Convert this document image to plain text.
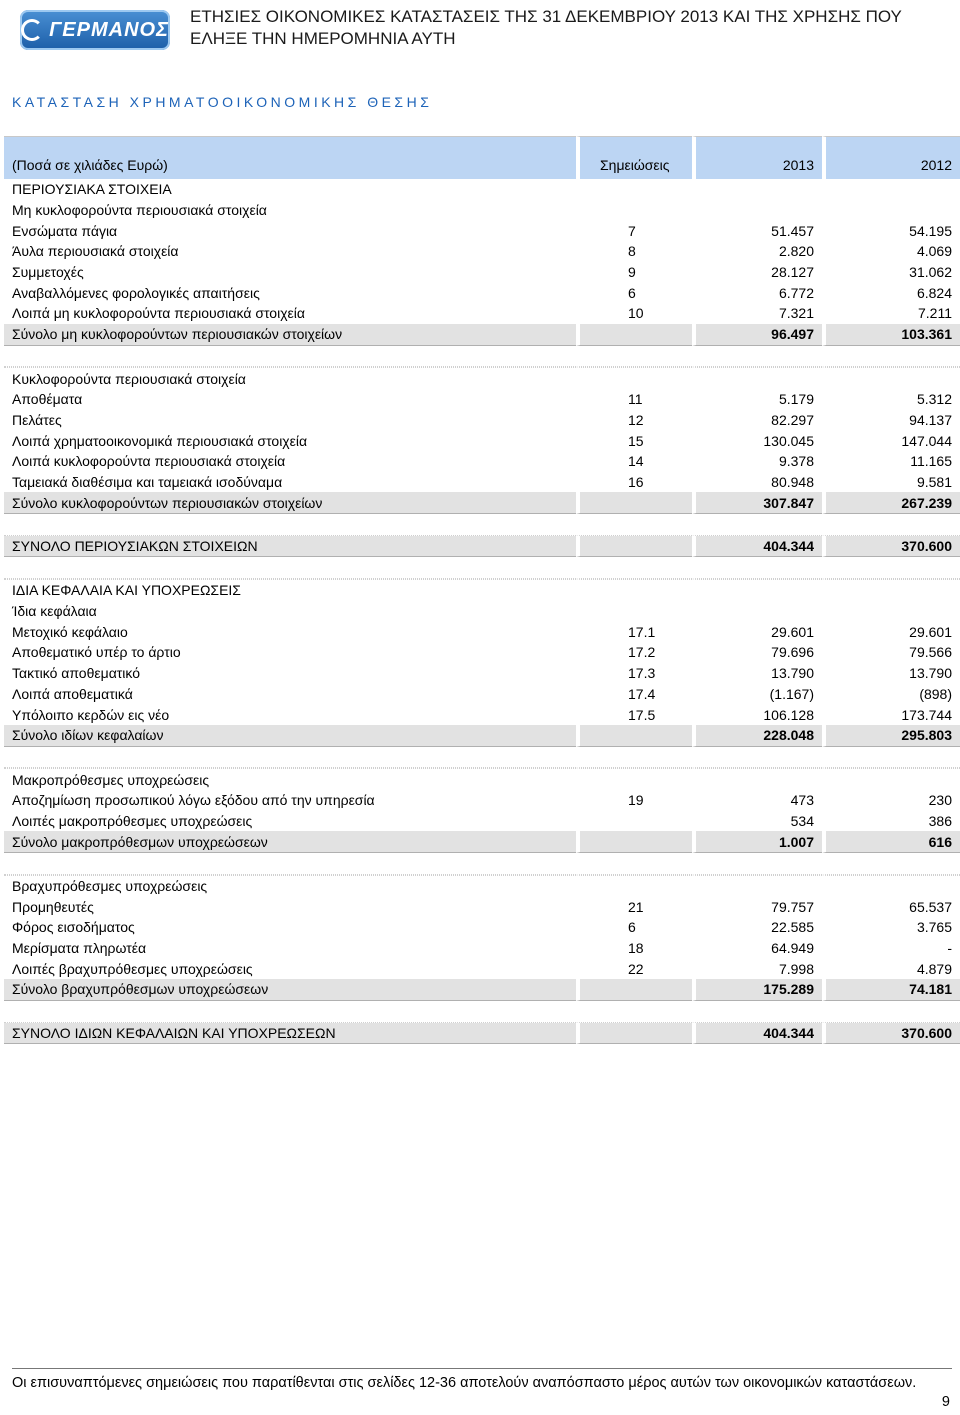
ΓΕΡΜΑΝΟΣ
ΕΤΗΣΙΕΣ ΟΙΚΟΝΟΜΙΚΕΣ ΚΑΤΑΣΤΑΣΕΙΣ ΤΗΣ 31 ΔΕΚΕΜΒΡΙΟΥ 2013 ΚΑΙ ΤΗΣ ΧΡΗΣΗΣ ΠΟΥ
ΕΛΗΞΕ ΤΗΝ ΗΜΕΡΟΜΗΝΙΑ ΑΥΤΗ
ΚΑΤΑΣΤΑΣΗ ΧΡΗΜΑΤΟΟΙΚΟΝΟΜΙΚΗΣ ΘΕΣΗΣ
(Ποσά σε χιλιάδες Ευρώ)	Σημειώσεις	2013	2012
ΠΕΡΙΟΥΣΙΑΚΑ ΣΤΟΙΧΕΙΑ			
Μη κυκλοφορούντα περιουσιακά στοιχεία			
Ενσώματα πάγια	7	51.457	54.195
Άυλα περιουσιακά στοιχεία	8	2.820	4.069
Συμμετοχές	9	28.127	31.062
Αναβαλλόμενες φορολογικές απαιτήσεις	6	6.772	6.824
Λοιπά μη κυκλοφορούντα περιουσιακά στοιχεία	10	7.321	7.211
Σύνολο μη κυκλοφορούντων περιουσιακών στοιχείων		96.497	103.361

Κυκλοφορούντα περιουσιακά στοιχεία			
Αποθέματα	11	5.179	5.312
Πελάτες	12	82.297	94.137
Λοιπά χρηματοοικονομικά περιουσιακά στοιχεία	15	130.045	147.044
Λοιπά κυκλοφορούντα περιουσιακά στοιχεία	14	9.378	11.165
Ταμειακά διαθέσιμα και ταμειακά ισοδύναμα	16	80.948	9.581
Σύνολο κυκλοφορούντων περιουσιακών στοιχείων		307.847	267.239

ΣΥΝΟΛΟ ΠΕΡΙΟΥΣΙΑΚΩΝ ΣΤΟΙΧΕΙΩΝ		404.344	370.600

ΙΔΙΑ ΚΕΦΑΛΑΙΑ ΚΑΙ ΥΠΟΧΡΕΩΣΕΙΣ			
Ίδια κεφάλαια			
Μετοχικό κεφάλαιο	17.1	29.601	29.601
Αποθεματικό υπέρ το άρτιο	17.2	79.696	79.566
Τακτικό αποθεματικό	17.3	13.790	13.790
Λοιπά αποθεματικά	17.4	(1.167)	(898)
Υπόλοιπο κερδών εις νέο	17.5	106.128	173.744
Σύνολο ιδίων κεφαλαίων		228.048	295.803

Μακροπρόθεσμες υποχρεώσεις			
Αποζημίωση προσωπικού λόγω εξόδου από την υπηρεσία	19	473	230
Λοιπές μακροπρόθεσμες υποχρεώσεις		534	386
Σύνολο μακροπρόθεσμων υποχρεώσεων		1.007	616

Βραχυπρόθεσμες υποχρεώσεις			
Προμηθευτές	21	79.757	65.537
Φόρος εισοδήματος	6	22.585	3.765
Μερίσματα πληρωτέα	18	64.949	-
Λοιπές βραχυπρόθεσμες υποχρεώσεις	22	7.998	4.879
Σύνολο βραχυπρόθεσμων υποχρεώσεων		175.289	74.181

ΣΥΝΟΛΟ ΙΔΙΩΝ ΚΕΦΑΛΑΙΩΝ ΚΑΙ ΥΠΟΧΡΕΩΣΕΩΝ		404.344	370.600
Οι επισυναπτόμενες σημειώσεις που παρατίθενται στις σελίδες 12-36 αποτελούν αναπόσπαστο μέρος αυτών των οικονομικών καταστάσεων.
9
